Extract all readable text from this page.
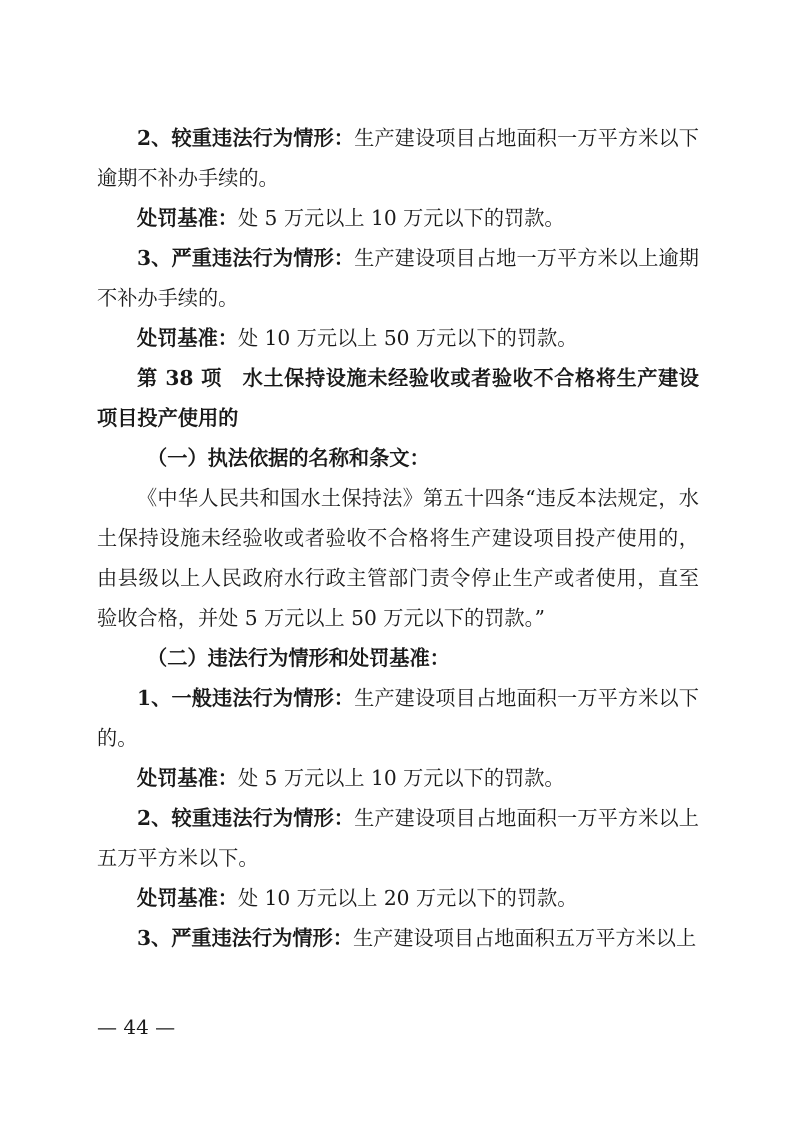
2、较重违法行为情形：生产建设项目占地面积一万平方米以下逾期不补办手续的。

处罚基准：处 5 万元以上 10 万元以下的罚款。

3、严重违法行为情形：生产建设项目占地一万平方米以上逾期不补办手续的。

处罚基准：处 10 万元以上 50 万元以下的罚款。

第 38 项　水土保持设施未经验收或者验收不合格将生产建设项目投产使用的

（一）执法依据的名称和条文：

《中华人民共和国水土保持法》第五十四条“违反本法规定，水土保持设施未经验收或者验收不合格将生产建设项目投产使用的，由县级以上人民政府水行政主管部门责令停止生产或者使用，直至验收合格，并处 5 万元以上 50 万元以下的罚款。”

（二）违法行为情形和处罚基准：

1、一般违法行为情形：生产建设项目占地面积一万平方米以下的。

处罚基准：处 5 万元以上 10 万元以下的罚款。

2、较重违法行为情形：生产建设项目占地面积一万平方米以上五万平方米以下。

处罚基准：处 10 万元以上 20 万元以下的罚款。

3、严重违法行为情形：生产建设项目占地面积五万平方米以上

— 44 —
